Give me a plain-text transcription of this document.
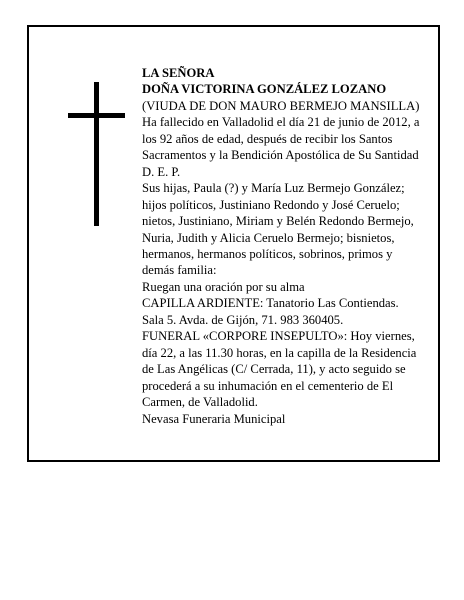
LA SEÑORA
DOÑA VICTORINA GONZÁLEZ LOZANO
(VIUDA DE DON MAURO BERMEJO MANSILLA)
Ha fallecido en Valladolid el día 21 de junio de 2012, a
los 92 años de edad, después de recibir los Santos
Sacramentos y la Bendición Apostólica de Su Santidad
D. E. P.
Sus hijas, Paula (?) y María Luz Bermejo González;
hijos políticos, Justiniano Redondo y José Ceruelo;
nietos, Justiniano, Miriam y Belén Redondo Bermejo,
Nuria, Judith y Alicia Ceruelo Bermejo; bisnietos,
hermanos, hermanos políticos, sobrinos, primos y
demás familia:
Ruegan una oración por su alma
CAPILLA ARDIENTE: Tanatorio Las Contiendas.
Sala 5. Avda. de Gijón, 71. 983 360405.
FUNERAL «CORPORE INSEPULTO»: Hoy viernes,
día 22, a las 11.30 horas, en la capilla de la Residencia
de Las Angélicas (C/ Cerrada, 11), y acto seguido se
procederá a su inhumación en el cementerio de El
Carmen, de Valladolid.
Nevasa Funeraria Municipal
